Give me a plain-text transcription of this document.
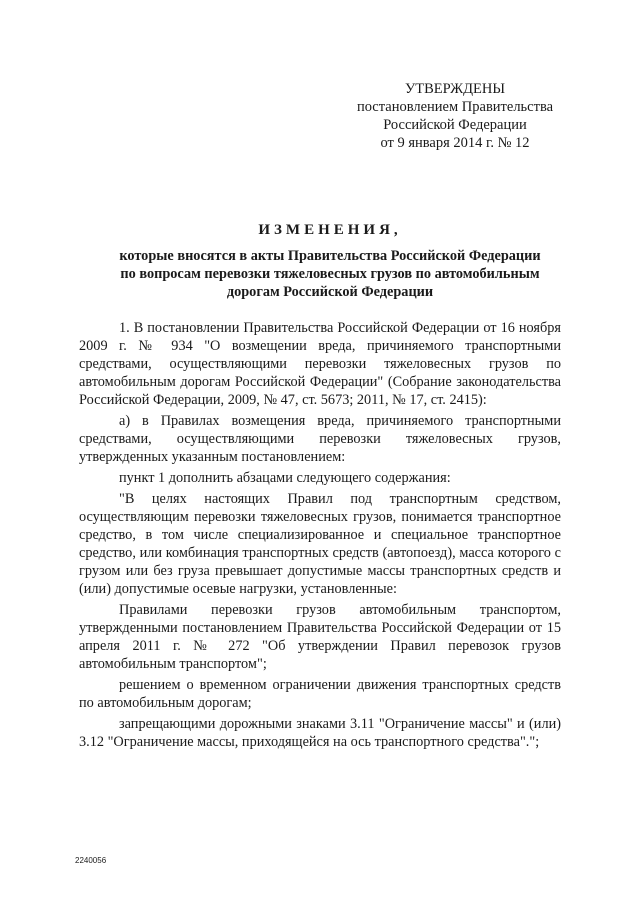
УТВЕРЖДЕНЫ
постановлением Правительства
Российской Федерации
от 9 января 2014 г. № 12
ИЗМЕНЕНИЯ,
которые вносятся в акты Правительства Российской Федерации
по вопросам перевозки тяжеловесных грузов по автомобильным
дорогам Российской Федерации

1. В постановлении Правительства Российской Федерации от 16 ноября 2009 г. № 934 "О возмещении вреда, причиняемого транспортными средствами, осуществляющими перевозки тяжеловесных грузов по автомобильным дорогам Российской Федерации" (Собрание законодательства Российской Федерации, 2009, № 47, ст. 5673; 2011, № 17, ст. 2415):

а) в Правилах возмещения вреда, причиняемого транспортными средствами, осуществляющими перевозки тяжеловесных грузов, утвержденных указанным постановлением:

пункт 1 дополнить абзацами следующего содержания:

"В целях настоящих Правил под транспортным средством, осуществляющим перевозки тяжеловесных грузов, понимается транспортное средство, в том числе специализированное и специальное транспортное средство, или комбинация транспортных средств (автопоезд), масса которого с грузом или без груза превышает допустимые массы транспортных средств и (или) допустимые осевые нагрузки, установленные:

Правилами перевозки грузов автомобильным транспортом, утвержденными постановлением Правительства Российской Федерации от 15 апреля 2011 г. № 272 "Об утверждении Правил перевозок грузов автомобильным транспортом";

решением о временном ограничении движения транспортных средств по автомобильным дорогам;

запрещающими дорожными знаками 3.11 "Ограничение массы" и (или) 3.12 "Ограничение массы, приходящейся на ось транспортного средства".";

2240056
